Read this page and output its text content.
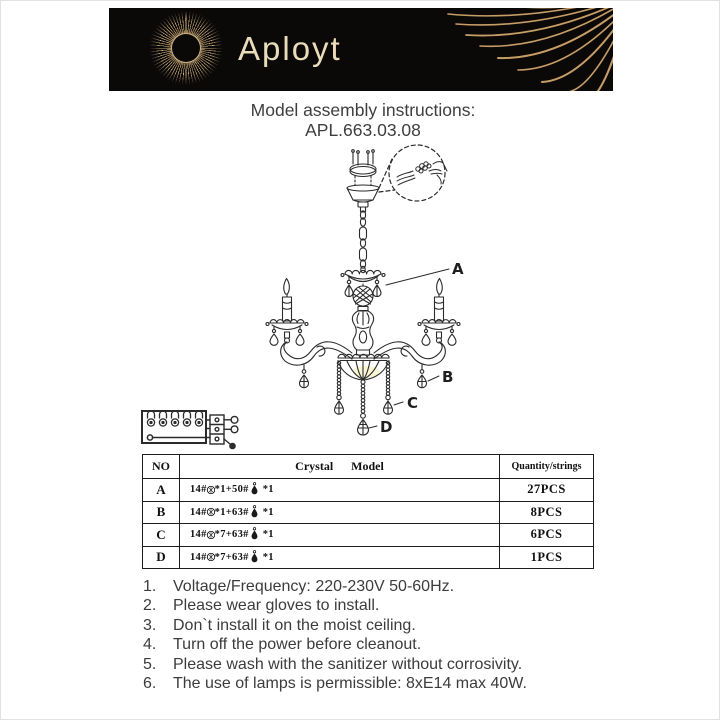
Aployt
Model assembly instructions:
APL.663.03.08
A
B
C
D
NO	Crystal      Model	Quantity/strings
A	14# *1+50# *1	27PCS
B	14# *1+63# *1	8PCS
C	14# *7+63# *1	6PCS
D	14# *7+63# *1	1PCS
1. Voltage/Frequency: 220-230V 50-60Hz.
2. Please wear gloves to install.
3. Don`t install it on the moist ceiling.
4. Turn off the power before cleanout.
5. Please wash with the sanitizer without corrosivity.
6. The use of lamps is permissible: 8xE14 max 40W.
